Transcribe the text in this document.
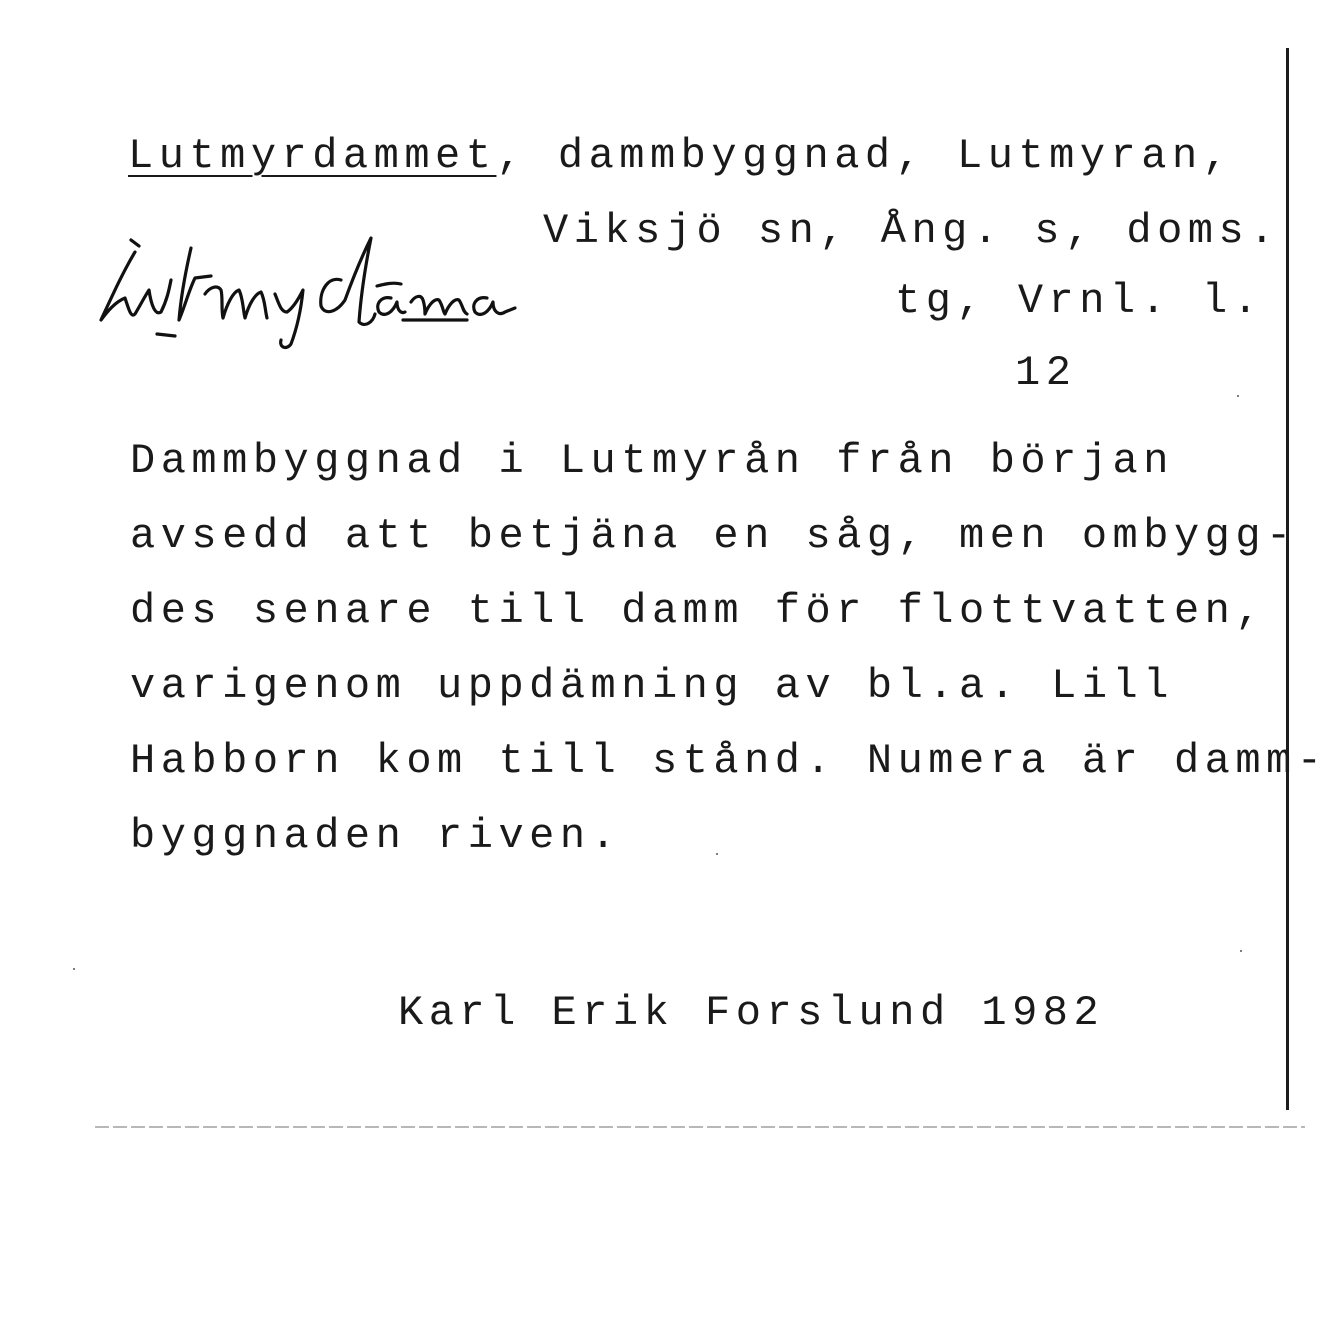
Lutmyrdammet, dammbyggnad, Lutmyran,
Viksjö sn, Ång. s, doms.
tg, Vrnl. l.
12
Dammbyggnad i Lutmyrån från början
avsedd att betjäna en såg, men ombygg-
des senare till damm för flottvatten,
varigenom uppdämning av bl.a. Lill
Habborn kom till stånd. Numera är damm-
byggnaden riven.
Karl Erik Forslund 1982
